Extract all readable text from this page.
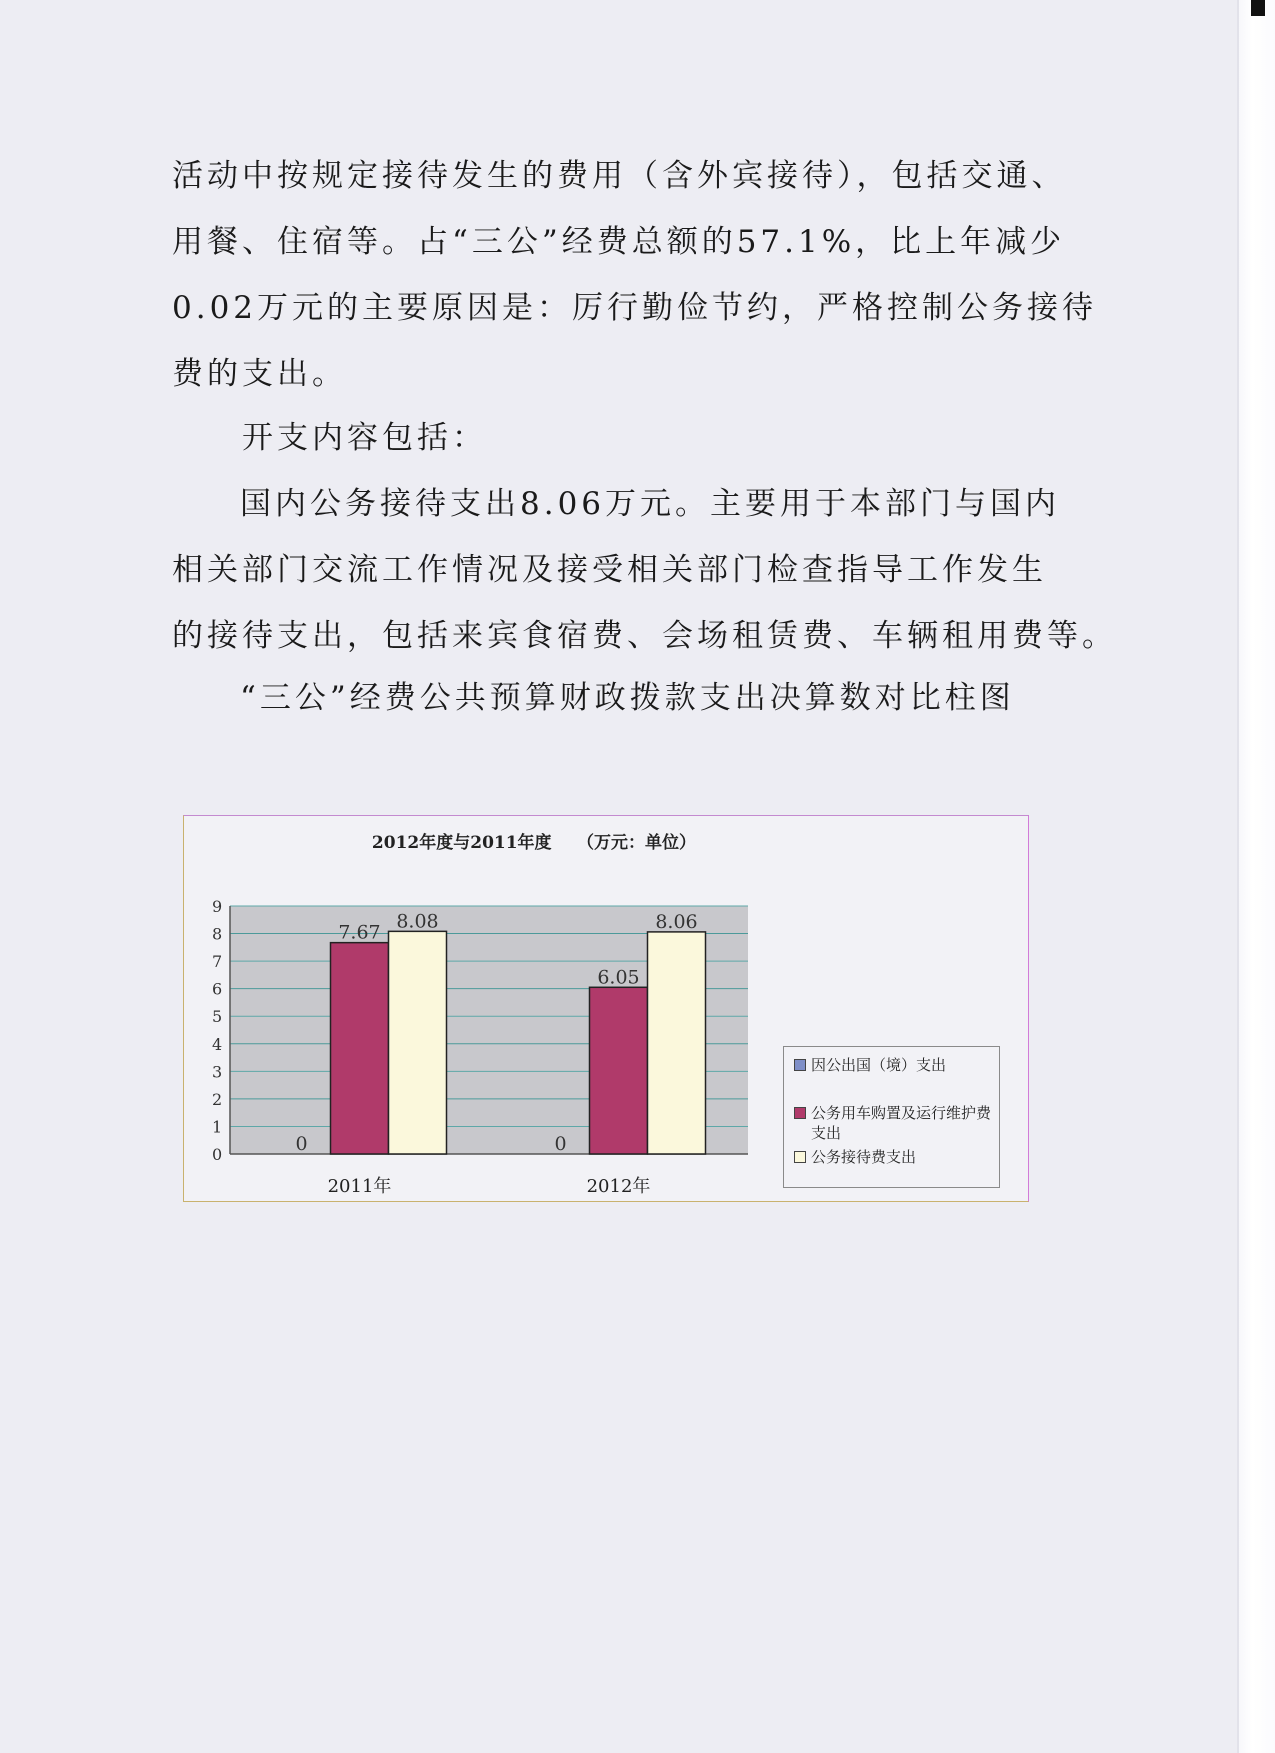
活动中按规定接待发生的费用（含外宾接待），包括交通、
用餐、住宿等。占“三公”经费总额的57.1%，比上年减少
0.02万元的主要原因是：厉行勤俭节约，严格控制公务接待
费的支出。
开支内容包括：
国内公务接待支出8.06万元。主要用于本部门与国内
相关部门交流工作情况及接受相关部门检查指导工作发生
的接待支出，包括来宾食宿费、会场租赁费、车辆租用费等。
“三公”经费公共预算财政拨款支出决算数对比柱图
2012年度与2011年度　　（万元：单位）
0
1
2
3
4
5
6
7
8
9
0
7.67
8.08
2011年
0
6.05
8.06
2012年
因公出国（境）支出
公务用车购置及运行维护费支出
公务接待费支出
